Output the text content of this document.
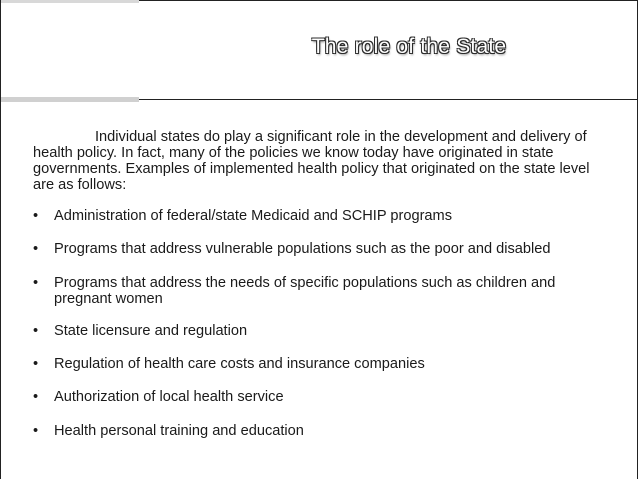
The role of the State

Individual states do play a significant role in the development and delivery of health policy. In fact, many of the policies we know today have originated in state governments. Examples of implemented health policy that originated on the state level are as follows:

• Administration of federal/state Medicaid and SCHIP programs
• Programs that address vulnerable populations such as the poor and disabled
• Programs that address the needs of specific populations such as children and pregnant women
• State licensure and regulation
• Regulation of health care costs and insurance companies
• Authorization of local health service
• Health personal training and education
